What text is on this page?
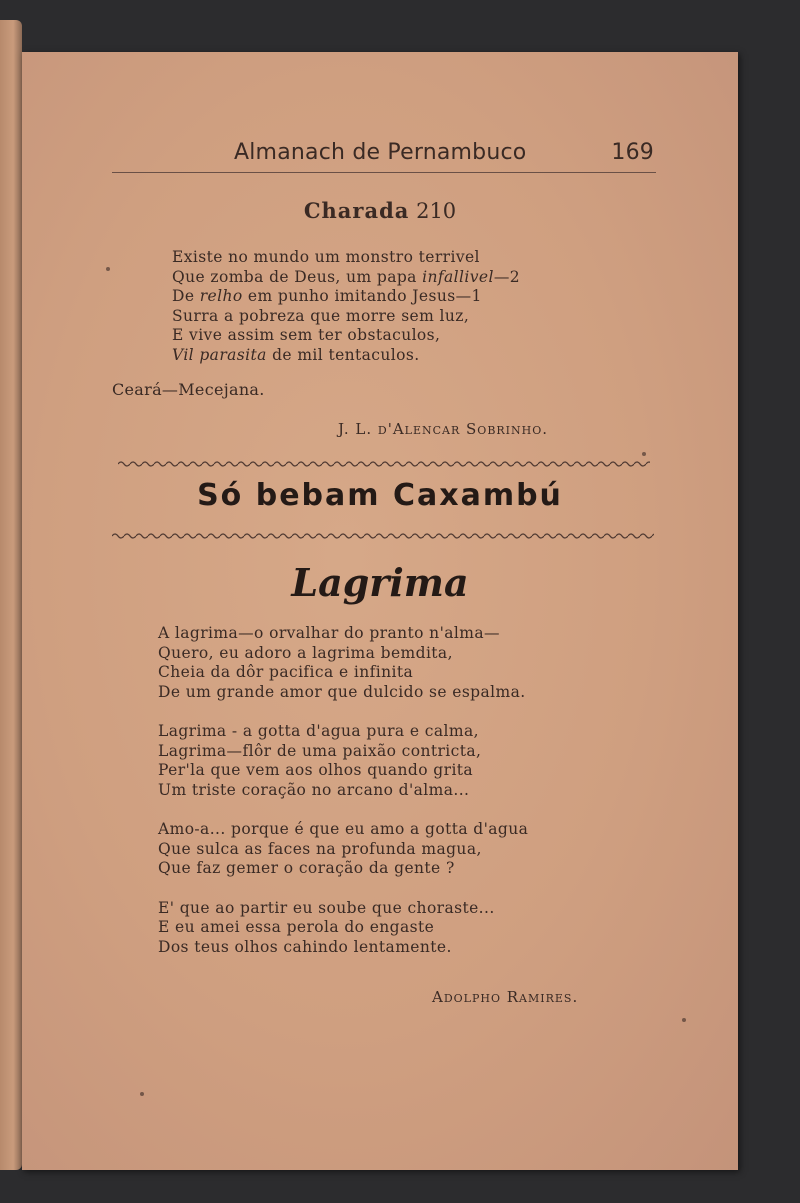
Almanach de Pernambuco	169
Charada 210
Existe no mundo um monstro terrivel
Que zomba de Deus, um papa infallivel—2
De relho em punho imitando Jesus—1
Surra a pobreza que morre sem luz,
E vive assim sem ter obstaculos,
Vil parasita de mil tentaculos.
Ceará—Mecejana.
J. L. d'Alencar Sobrinho.
Só bebam Caxambú
Lagrima
A lagrima—o orvalhar do pranto n'alma—
Quero, eu adoro a lagrima bemdita,
Cheia da dôr pacifica e infinita
De um grande amor que dulcido se espalma.
Lagrima - a gotta d'agua pura e calma,
Lagrima—flôr de uma paixão contricta,
Per'la que vem aos olhos quando grita
Um triste coração no arcano d'alma...
Amo-a... porque é que eu amo a gotta d'agua
Que sulca as faces na profunda magua,
Que faz gemer o coração da gente ?
E' que ao partir eu soube que choraste...
E eu amei essa perola do engaste
Dos teus olhos cahindo lentamente.
Adolpho Ramires.
